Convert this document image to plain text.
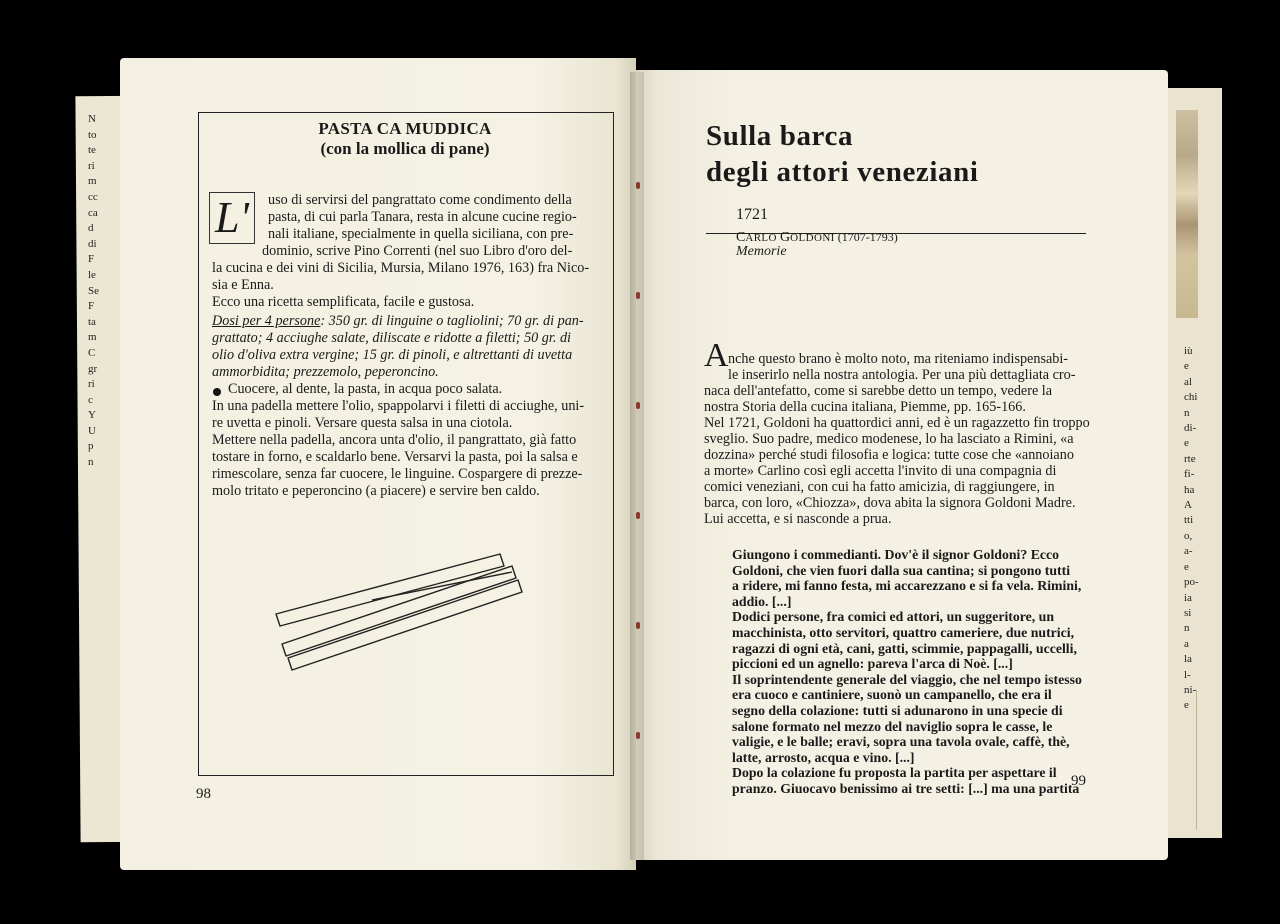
N
to
te
ri
m
cc
ca
d
di
F
le
Se
F
ta
m
C
gr
ri
c
Y
U
p
n
iù
e
al
chi
n
di-
e
rte
fi-
ha
A
tti
o,
a-
e
po-
ia
si
n
a
la
l-
ni-
e
PASTA CA MUDDICA
(con la mollica di pane)
L'	uso di servirsi del pangrattato come condimento della
pasta, di cui parla Tanara, resta in alcune cucine regio-
nali italiane, specialmente in quella siciliana, con pre-
dominio, scrive Pino Correnti (nel suo Libro d'oro del-
la cucina e dei vini di Sicilia, Mursia, Milano 1976, 163) fra Nico-
sia e Enna.
Ecco una ricetta semplificata, facile e gustosa.
Dosi per 4 persone: 350 gr. di linguine o tagliolini; 70 gr. di pan-
grattato; 4 acciughe salate, diliscate e ridotte a filetti; 50 gr. di
olio d'oliva extra vergine; 15 gr. di pinoli, e altrettanti di uvetta
ammorbidita; prezzemolo, peperoncino.
Cuocere, al dente, la pasta, in acqua poco salata.
In una padella mettere l'olio, spappolarvi i filetti di acciughe, uni-
re uvetta e pinoli. Versare questa salsa in una ciotola.
Mettere nella padella, ancora unta d'olio, il pangrattato, già fatto
tostare in forno, e scaldarlo bene. Versarvi la pasta, poi la salsa e
rimescolare, senza far cuocere, le linguine. Cospargere di prezze-
molo tritato e peperoncino (a piacere) e servire ben caldo.
98
Sulla barca
degli attori veneziani
1721
CARLO GOLDONI (1707-1793)
Memorie
A nche questo brano è molto noto, ma riteniamo indispensabi-
le inserirlo nella nostra antologia. Per una più dettagliata cro-
naca dell'antefatto, come si sarebbe detto un tempo, vedere la
nostra Storia della cucina italiana, Piemme, pp. 165-166.
Nel 1721, Goldoni ha quattordici anni, ed è un ragazzetto fin troppo
sveglio. Suo padre, medico modenese, lo ha lasciato a Rimini, «a
dozzina» perché studi filosofia e logica: tutte cose che «annoiano
a morte» Carlino così egli accetta l'invito di una compagnia di
comici veneziani, con cui ha fatto amicizia, di raggiungere, in
barca, con loro, «Chiozza», dova abita la signora Goldoni Madre.
Lui accetta, e si nasconde a prua.
Giungono i commedianti. Dov'è il signor Goldoni? Ecco
Goldoni, che vien fuori dalla sua cantina; si pongono tutti
a ridere, mi fanno festa, mi accarezzano e si fa vela. Rimini,
addio. [...]
Dodici persone, fra comici ed attori, un suggeritore, un
macchinista, otto servitori, quattro cameriere, due nutrici,
ragazzi di ogni età, cani, gatti, scimmie, pappagalli, uccelli,
piccioni ed un agnello: pareva l'arca di Noè. [...]
Il soprintendente generale del viaggio, che nel tempo istesso
era cuoco e cantiniere, suonò un campanello, che era il
segno della colazione: tutti si adunarono in una specie di
salone formato nel mezzo del naviglio sopra le casse, le
valigie, e le balle; eravi, sopra una tavola ovale, caffè, thè,
latte, arrosto, acqua e vino. [...]
Dopo la colazione fu proposta la partita per aspettare il
pranzo. Giuocavo benissimo ai tre setti: [...] ma una partita
99
